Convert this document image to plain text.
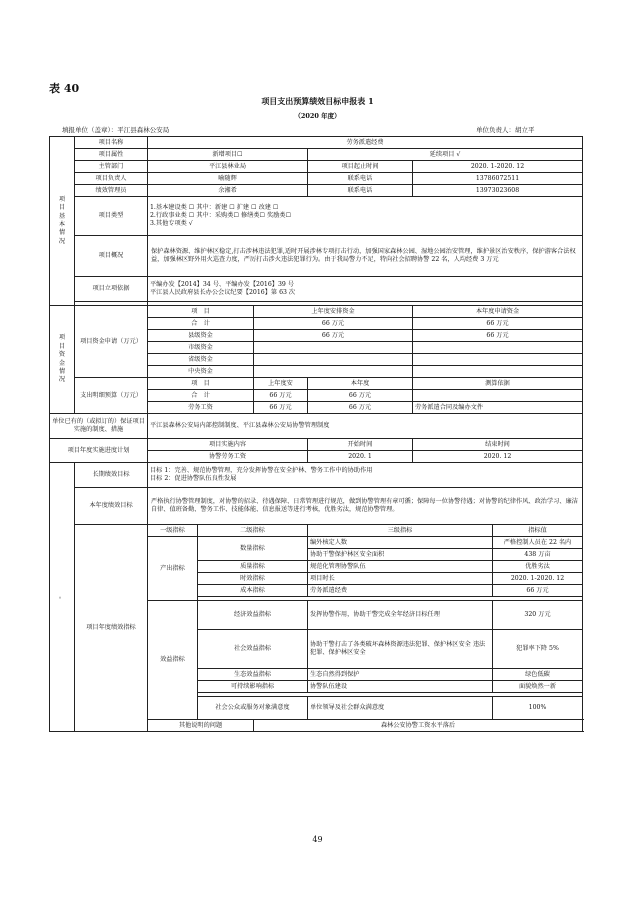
表 40
项目支出预算绩效目标申报表 1
（2020 年度）
填报单位（盖章）：平江县森林公安局	单位负责人：胡立平
项目基本情况	项目名称	劳务派遣经费					
	项目属性	新增项目☐			延续项目 √		
	主管部门	平江县林业局			项目起止时间	2020. 1-2020. 12	
	项目负责人	喻随辉			联系电话	13786072511	
	绩效管理员	余湘希			联系电话	13973023608	
	项目类型	1.基本建设类 ☐ 其中：新建 ☐ 扩建 ☐ 改建 ☐
2.行政事业类 ☐ 其中：采购类☐ 修缮类☐ 奖励类☐
3.其他专项类 √					

	项目概况	保护森林资源、维护林区稳定,打击涉林违法犯罪,适时开展涉林专项打击行动，加强国家森林公园、湿地公园治安管理，维护景区治安秩序，保护游客合法权益，加强林区野外用火巡查力度，严厉打击涉火违法犯罪行为。由于我局警力不足，特向社会招聘协警 22 名，人均经费 3 万元					
	项目立项依据	平编办发【2014】34 号、平编办发【2016】39 号
平江县人民政府县长办公会议纪要【2016】第 63 次					

项目资金情况	项目资金申请（万元）	项　目		上年度安排资金		本年度申请资金	
		合　计		66 万元		66 万元	
		县级资金		66 万元		66 万元	
		市级资金					
		省级资金					
		中央资金					
	支出明细预算（万元）	项　目		上年度安	本年度	测算依据	
		合　计		66 万元	66 万元		
		劳务工资		66 万元	66 万元	劳务派遣合同及编办文件	
单位已有的（或拟订的）保证项目实施的制度、措施		平江县森林公安局内部控制制度、平江县森林公安局协警管理制度					
项目年度实施进度计划		项目实施内容			开始时间	结束时间	
		协警劳务工资			2020. 1	2020. 12	
。	长期绩效目标	目标 1：完善、规范协警管理，充分发挥协警在安全护林、警务工作中的协助作用
目标 2：促进协警队伍良性发展					

	本年度绩效目标	严格执行协警管理制度，对协警的招录、待遇保障、日常管理进行规范，做到协警管理有章可循；保障每一位协警待遇；对协警的纪律作风、政治学习、廉洁自律、值班备勤、警务工作、技能体能、信息报送等进行考核，优胜劣汰，规范协警管理。					
	项目年度绩效指标	一级指标	二级指标		三级指标		指标值
		产出指标	数量指标		编外核定人数		严格控制人员在 22 名内
					协助干警保护林区安全面积		438 万亩
			质量指标		规范化管理协警队伍		优胜劣汰
			时效指标		项目时长		2020. 1-2020. 12
			成本指标		劳务派遣经费		66 万元

		效益指标	经济效益指标		发挥协警作用，协助干警完成全年经济目标任理		320 万元
			社会效益指标		协助干警打击了各类破坏森林资源违法犯罪、保护林区安全 违法犯罪、保护林区安全		犯罪率下降 5%
			生态效益指标		生态自然得到保护		绿色低碳
			可持续影响指标		协警队伍建设		面貌焕然一新

			社会公众或服务对象满意度		单位领导及社会群众满意度		100%
		其他说明的问题		森林公安协警工资水平落后			
49
